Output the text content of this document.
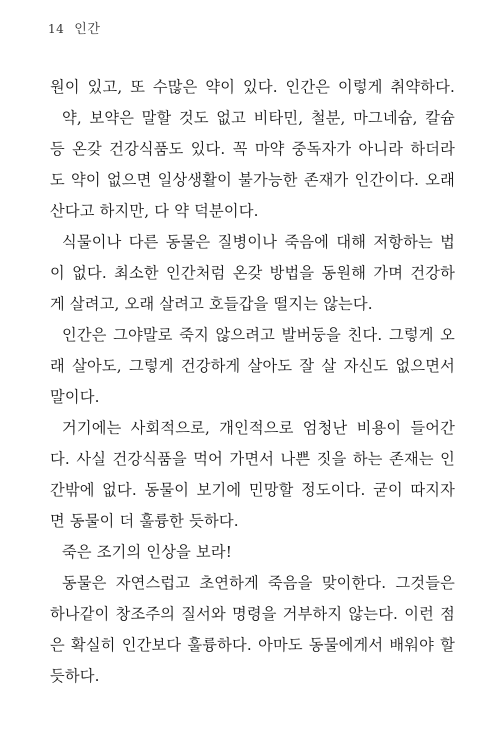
14 인간
원이 있고, 또 수많은 약이 있다. 인간은 이렇게 취약하다.
약, 보약은 말할 것도 없고 비타민, 철분, 마그네슘, 칼슘
등 온갖 건강식품도 있다. 꼭 마약 중독자가 아니라 하더라
도 약이 없으면 일상생활이 불가능한 존재가 인간이다. 오래
산다고 하지만, 다 약 덕분이다.
식물이나 다른 동물은 질병이나 죽음에 대해 저항하는 법
이 없다. 최소한 인간처럼 온갖 방법을 동원해 가며 건강하
게 살려고, 오래 살려고 호들갑을 떨지는 않는다.
인간은 그야말로 죽지 않으려고 발버둥을 친다. 그렇게 오
래 살아도, 그렇게 건강하게 살아도 잘 살 자신도 없으면서
말이다.
거기에는 사회적으로, 개인적으로 엄청난 비용이 들어간
다. 사실 건강식품을 먹어 가면서 나쁜 짓을 하는 존재는 인
간밖에 없다. 동물이 보기에 민망할 정도이다. 굳이 따지자
면 동물이 더 훌륭한 듯하다.
죽은 조기의 인상을 보라!
동물은 자연스럽고 초연하게 죽음을 맞이한다. 그것들은
하나같이 창조주의 질서와 명령을 거부하지 않는다. 이런 점
은 확실히 인간보다 훌륭하다. 아마도 동물에게서 배워야 할
듯하다.
